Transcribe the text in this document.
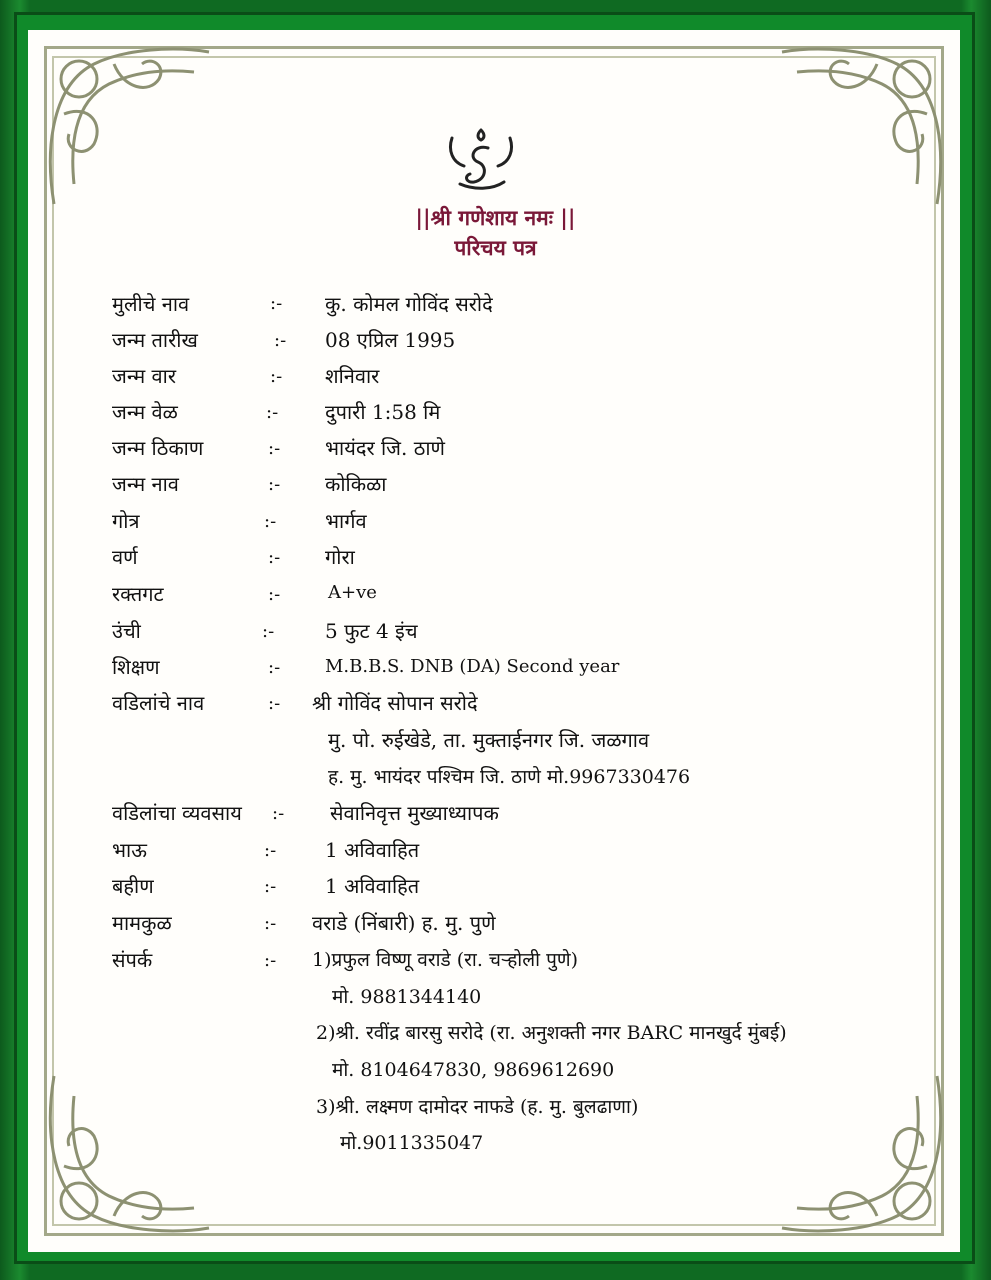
||श्री गणेशाय नमः ||
परिचय पत्र
मुलीचे नाव	:- कु. कोमल गोविंद सरोदे
जन्म तारीख	:- 08 एप्रिल 1995
जन्म वार	:- शनिवार
जन्म वेळ	:- दुपारी 1:58 मि
जन्म ठिकाण	:- भायंदर जि. ठाणे
जन्म नाव	:- कोकिळा
गोत्र	:- भार्गव
वर्ण	:- गोरा
रक्तगट	:-	A+ve
उंची	:-	5 फुट 4 इंच
शिक्षण	:- M.B.B.S. DNB (DA) Second year
वडिलांचे नाव	:- श्री गोविंद सोपान सरोदे
मु. पो. रुईखेडे, ता. मुक्ताईनगर जि. जळगाव
ह. मु. भायंदर पश्चिम जि. ठाणे मो.9967330476
वडिलांचा व्यवसाय :- सेवानिवृत्त मुख्याध्यापक
भाऊ	:- 1 अविवाहित
बहीण	:- 1 अविवाहित
मामकुळ	:- वराडे (निंबारी) ह. मु. पुणे
संपर्क	:- 1)प्रफुल विष्णू वराडे (रा. चऱ्होली पुणे)
मो. 9881344140
2)श्री. रवींद्र बारसु सरोदे (रा. अनुशक्ती नगर BARC मानखुर्द मुंबई)
मो. 8104647830, 9869612690
3)श्री. लक्ष्मण दामोदर नाफडे (ह. मु. बुलढाणा)
मो.9011335047
